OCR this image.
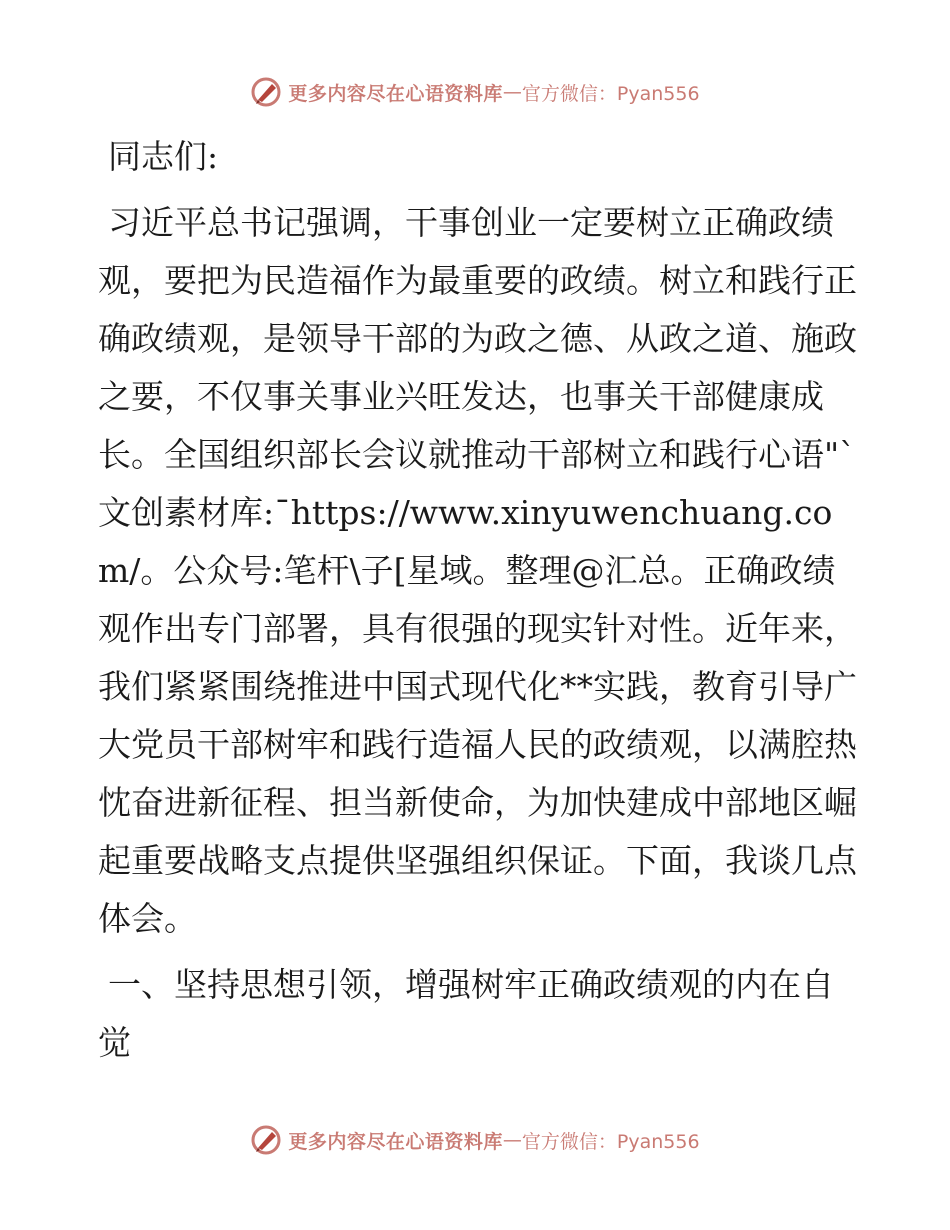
更多内容尽在心语资料库 — 官方微信：Pyan556
同志们:
习近平总书记强调，干事创业一定要树立正确政绩观，要把为民造福作为最重要的政绩。树立和践行正确政绩观，是领导干部的为政之德、从政之道、施政之要，不仅事关事业兴旺发达，也事关干部健康成长。全国组织部长会议就推动干部树立和践行心语"`文创素材库:¯https://www.xinyuwenchuang.com/。公众号:笔杆\子[星域。整理@汇总。正确政绩观作出专门部署，具有很强的现实针对性。近年来，我们紧紧围绕推进中国式现代化**实践，教育引导广大党员干部树牢和践行造福人民的政绩观，以满腔热忱奋进新征程、担当新使命，为加快建成中部地区崛起重要战略支点提供坚强组织保证。下面，我谈几点体会。
一、坚持思想引领，增强树牢正确政绩观的内在自觉
更多内容尽在心语资料库 — 官方微信：Pyan556
